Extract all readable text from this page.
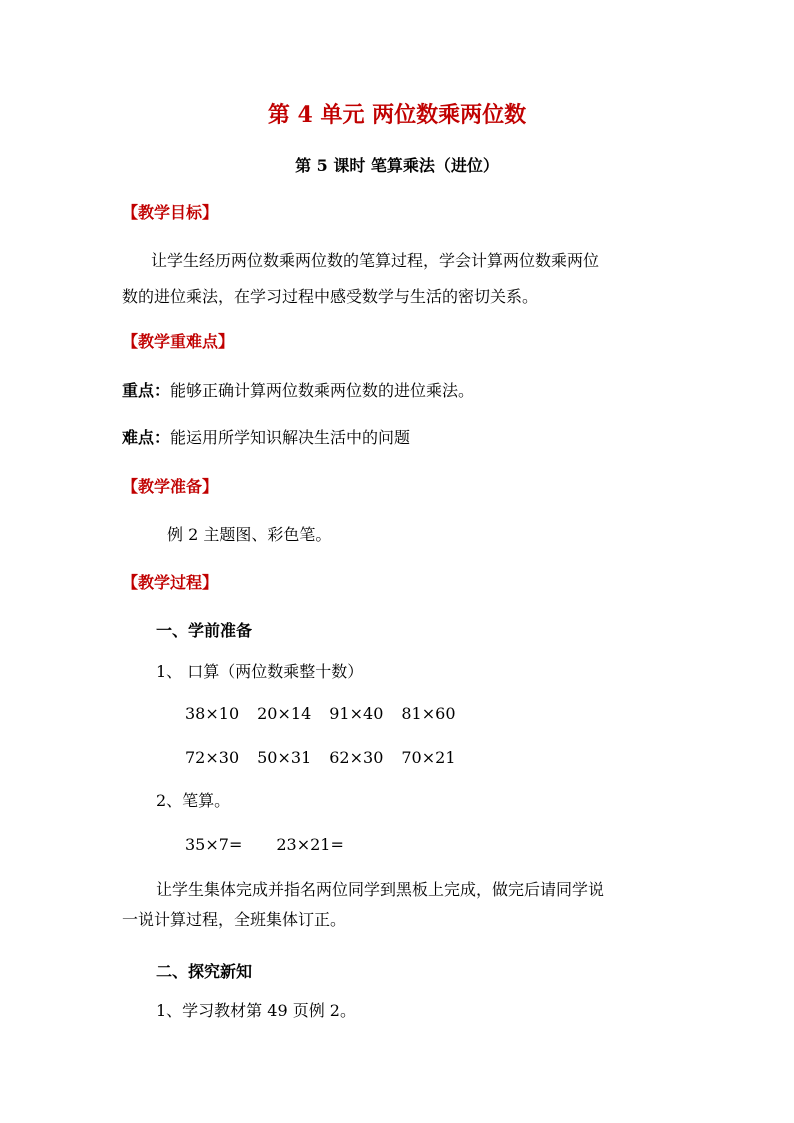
第 4 单元 两位数乘两位数
第 5 课时 笔算乘法（进位）
【教学目标】
让学生经历两位数乘两位数的笔算过程，学会计算两位数乘两位
数的进位乘法，在学习过程中感受数学与生活的密切关系。
【教学重难点】
重点：能够正确计算两位数乘两位数的进位乘法。
难点：能运用所学知识解决生活中的问题
【教学准备】
例 2 主题图、彩色笔。
【教学过程】
一、学前准备
1、 口算（两位数乘整十数）
38×10 20×14 91×40 81×60
72×30 50×31 62×30 70×21
2、笔算。
35×7= 23×21=
让学生集体完成并指名两位同学到黑板上完成，做完后请同学说
一说计算过程，全班集体订正。
二、探究新知
1、学习教材第 49 页例 2。
